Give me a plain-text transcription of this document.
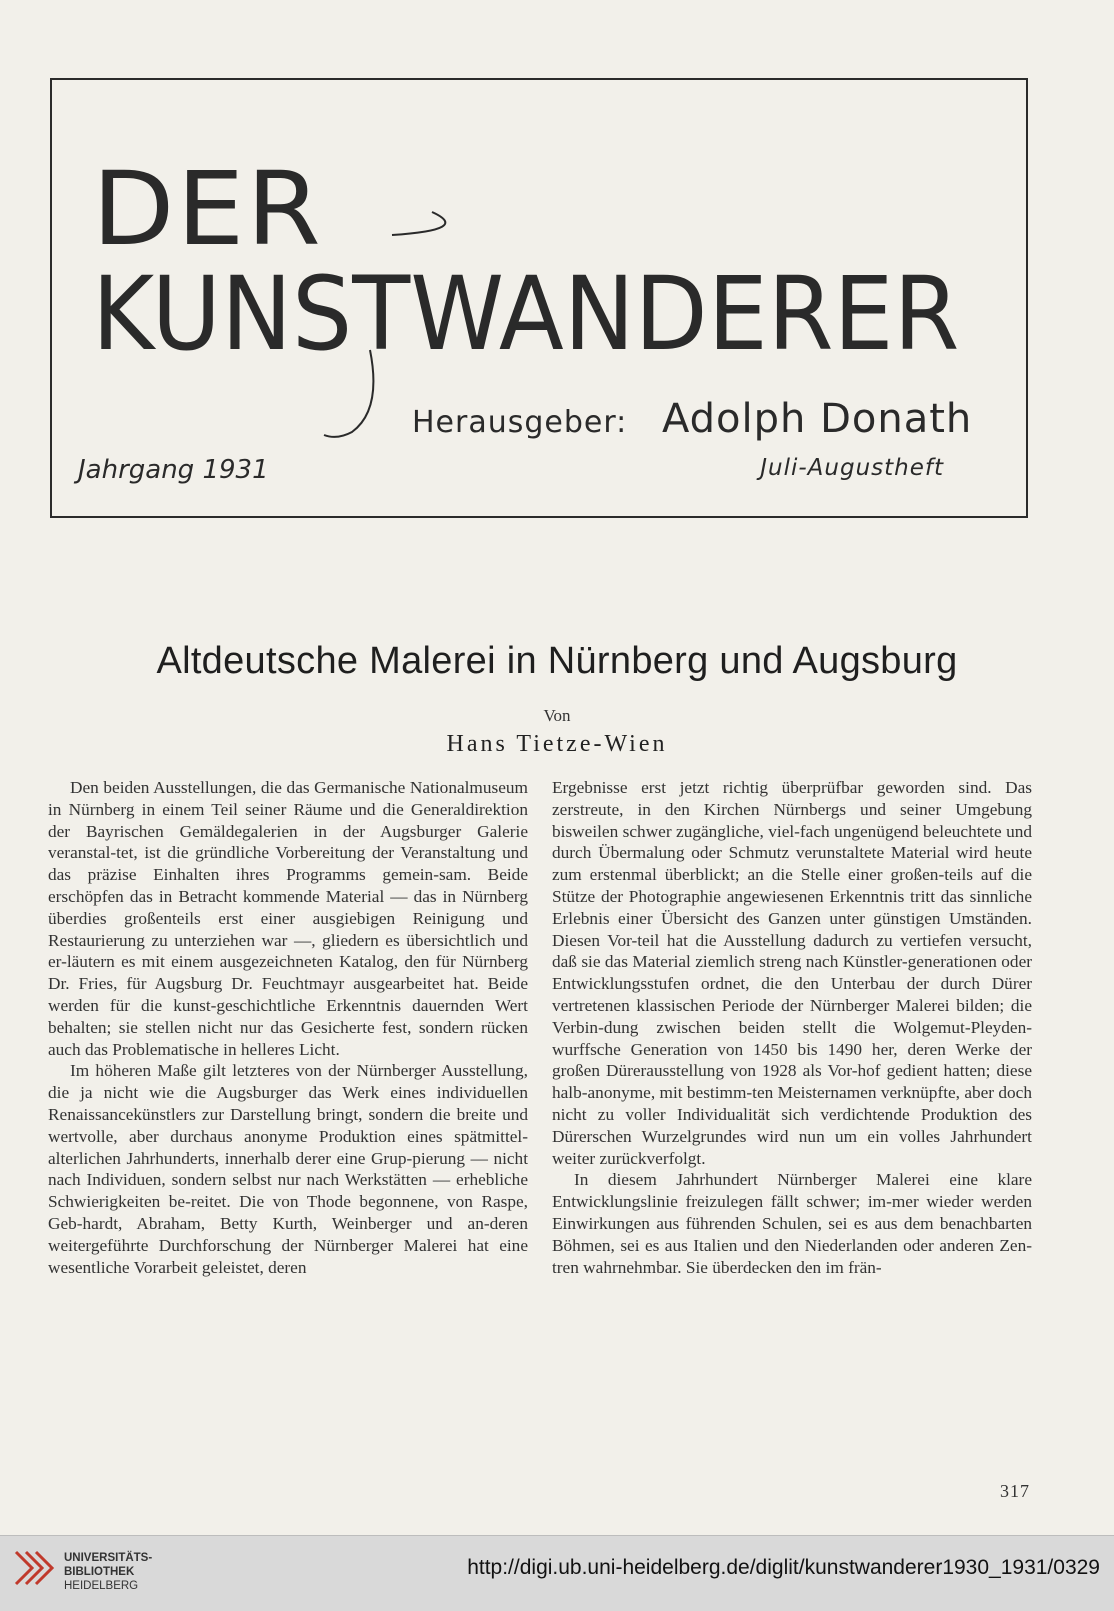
DER
KUNSTWANDERER
Herausgeber: Adolph Donath
Jahrgang 1931	Juli-Augustheft
Altdeutsche Malerei in Nürnberg und Augsburg
Von
Hans Tietze-Wien

Den beiden Ausstellungen, die das Germanische Nationalmuseum in Nürnberg in einem Teil seiner Räume und die Generaldirektion der Bayrischen Gemäldegalerien in der Augsburger Galerie veranstal-tet, ist die gründliche Vorbereitung der Veranstaltung und das präzise Einhalten ihres Programms gemein-sam. Beide erschöpfen das in Betracht kommende Material — das in Nürnberg überdies großenteils erst einer ausgiebigen Reinigung und Restaurierung zu unterziehen war —, gliedern es übersichtlich und er-läutern es mit einem ausgezeichneten Katalog, den für Nürnberg Dr. Fries, für Augsburg Dr. Feuchtmayr ausgearbeitet hat. Beide werden für die kunst-geschichtliche Erkenntnis dauernden Wert behalten; sie stellen nicht nur das Gesicherte fest, sondern rücken auch das Problematische in helleres Licht.

Im höheren Maße gilt letzteres von der Nürnberger Ausstellung, die ja nicht wie die Augsburger das Werk eines individuellen Renaissancekünstlers zur Darstellung bringt, sondern die breite und wertvolle, aber durchaus anonyme Produktion eines spätmittel-alterlichen Jahrhunderts, innerhalb derer eine Grup-pierung — nicht nach Individuen, sondern selbst nur nach Werkstätten — erhebliche Schwierigkeiten be-reitet. Die von Thode begonnene, von Raspe, Geb-hardt, Abraham, Betty Kurth, Weinberger und an-deren weitergeführte Durchforschung der Nürnberger Malerei hat eine wesentliche Vorarbeit geleistet, deren

Ergebnisse erst jetzt richtig überprüfbar geworden sind. Das zerstreute, in den Kirchen Nürnbergs und seiner Umgebung bisweilen schwer zugängliche, viel-fach ungenügend beleuchtete und durch Übermalung oder Schmutz verunstaltete Material wird heute zum erstenmal überblickt; an die Stelle einer großen-teils auf die Stütze der Photographie angewiesenen Erkenntnis tritt das sinnliche Erlebnis einer Übersicht des Ganzen unter günstigen Umständen. Diesen Vor-teil hat die Ausstellung dadurch zu vertiefen versucht, daß sie das Material ziemlich streng nach Künstler-generationen oder Entwicklungsstufen ordnet, die den Unterbau der durch Dürer vertretenen klassischen Periode der Nürnberger Malerei bilden; die Verbin-dung zwischen beiden stellt die Wolgemut-Pleyden-wurffsche Generation von 1450 bis 1490 her, deren Werke der großen Dürerausstellung von 1928 als Vor-hof gedient hatten; diese halb-anonyme, mit bestimm-ten Meisternamen verknüpfte, aber doch nicht zu voller Individualität sich verdichtende Produktion des Dürerschen Wurzelgrundes wird nun um ein volles Jahrhundert weiter zurückverfolgt.

In diesem Jahrhundert Nürnberger Malerei eine klare Entwicklungslinie freizulegen fällt schwer; im-mer wieder werden Einwirkungen aus führenden Schulen, sei es aus dem benachbarten Böhmen, sei es aus Italien und den Niederlanden oder anderen Zen-tren wahrnehmbar. Sie überdecken den im frän-

317
UNIVERSITÄTS-
BIBLIOTHEK
HEIDELBERG
http://digi.ub.uni-heidelberg.de/diglit/kunstwanderer1930_1931/0329
